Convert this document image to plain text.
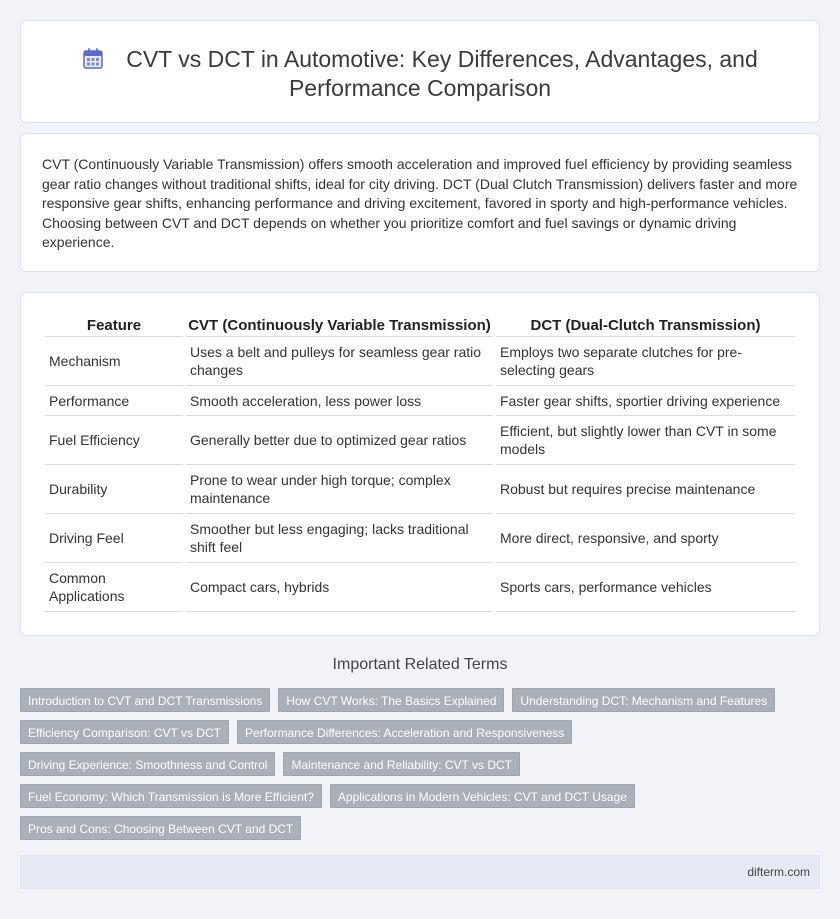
CVT vs DCT in Automotive: Key Differences, Advantages, and Performance Comparison

CVT (Continuously Variable Transmission) offers smooth acceleration and improved fuel efficiency by providing seamless gear ratio changes without traditional shifts, ideal for city driving. DCT (Dual Clutch Transmission) delivers faster and more responsive gear shifts, enhancing performance and driving excitement, favored in sporty and high-performance vehicles. Choosing between CVT and DCT depends on whether you prioritize comfort and fuel savings or dynamic driving experience.

Feature	CVT (Continuously Variable Transmission)	DCT (Dual-Clutch Transmission)
Mechanism	Uses a belt and pulleys for seamless gear ratio changes	Employs two separate clutches for pre-selecting gears
Performance	Smooth acceleration, less power loss	Faster gear shifts, sportier driving experience
Fuel Efficiency	Generally better due to optimized gear ratios	Efficient, but slightly lower than CVT in some models
Durability	Prone to wear under high torque; complex maintenance	Robust but requires precise maintenance
Driving Feel	Smoother but less engaging; lacks traditional shift feel	More direct, responsive, and sporty
Common Applications	Compact cars, hybrids	Sports cars, performance vehicles
Important Related Terms
Introduction to CVT and DCT Transmissions	How CVT Works: The Basics Explained	Understanding DCT: Mechanism and Features
Efficiency Comparison: CVT vs DCT	Performance Differences: Acceleration and Responsiveness
Driving Experience: Smoothness and Control	Maintenance and Reliability: CVT vs DCT
Fuel Economy: Which Transmission is More Efficient?	Applications in Modern Vehicles: CVT and DCT Usage
Pros and Cons: Choosing Between CVT and DCT
difterm.com
